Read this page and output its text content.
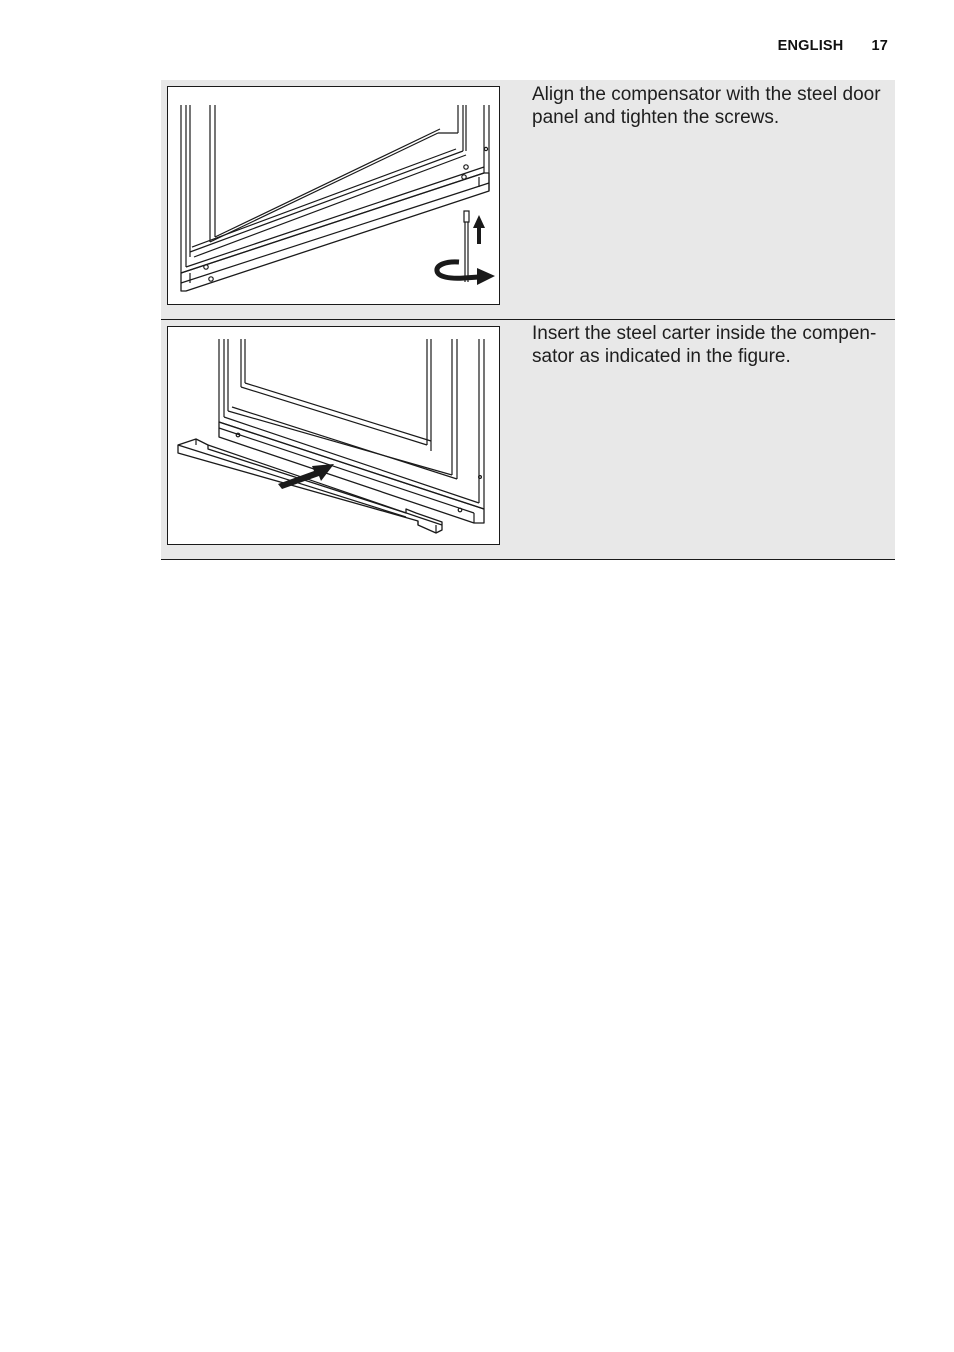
ENGLISH 17

Align the compensator with the steel door panel and tighten the screws.

Insert the steel carter inside the compen-sator as indicated in the figure.
